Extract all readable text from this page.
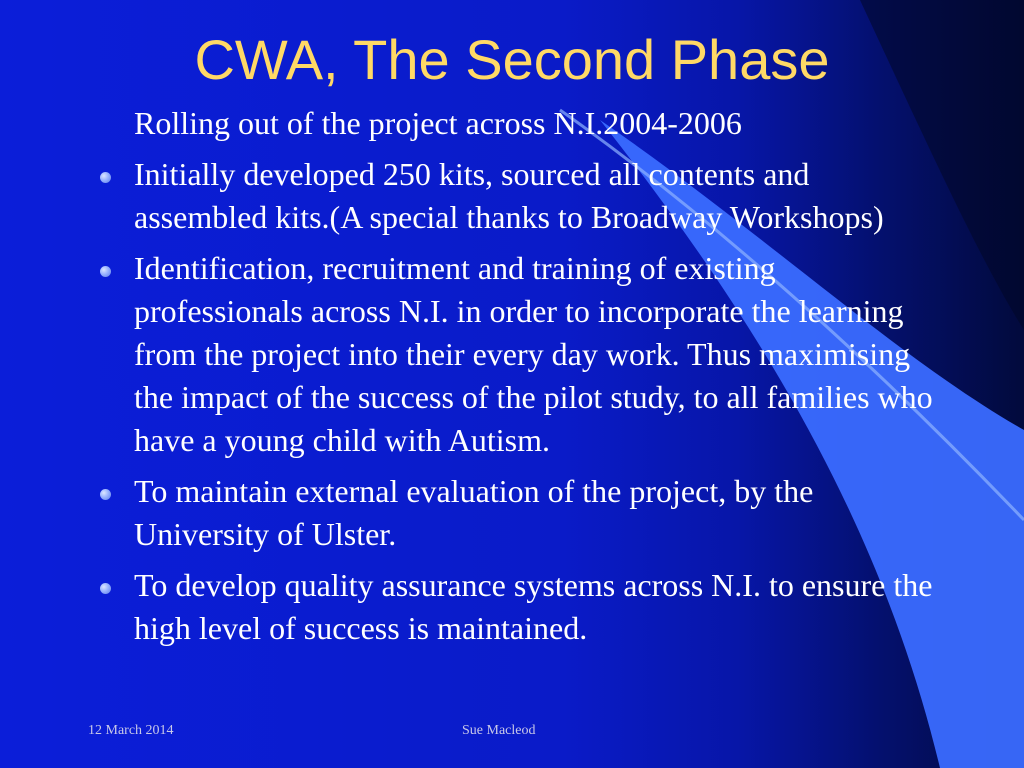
CWA, The Second Phase
Rolling out of the project across N.I.2004-2006
Initially developed 250 kits, sourced all contents and assembled kits.(A special thanks to Broadway Workshops)
Identification, recruitment and training of existing professionals across N.I. in order to incorporate the learning from the project into their every day work. Thus maximising the impact of the success of the pilot study, to all families who have a young child with Autism.
To maintain external evaluation of the project, by the University of Ulster.
To develop quality assurance systems across N.I. to ensure the high level of success is maintained.
12 March 2014	Sue Macleod
